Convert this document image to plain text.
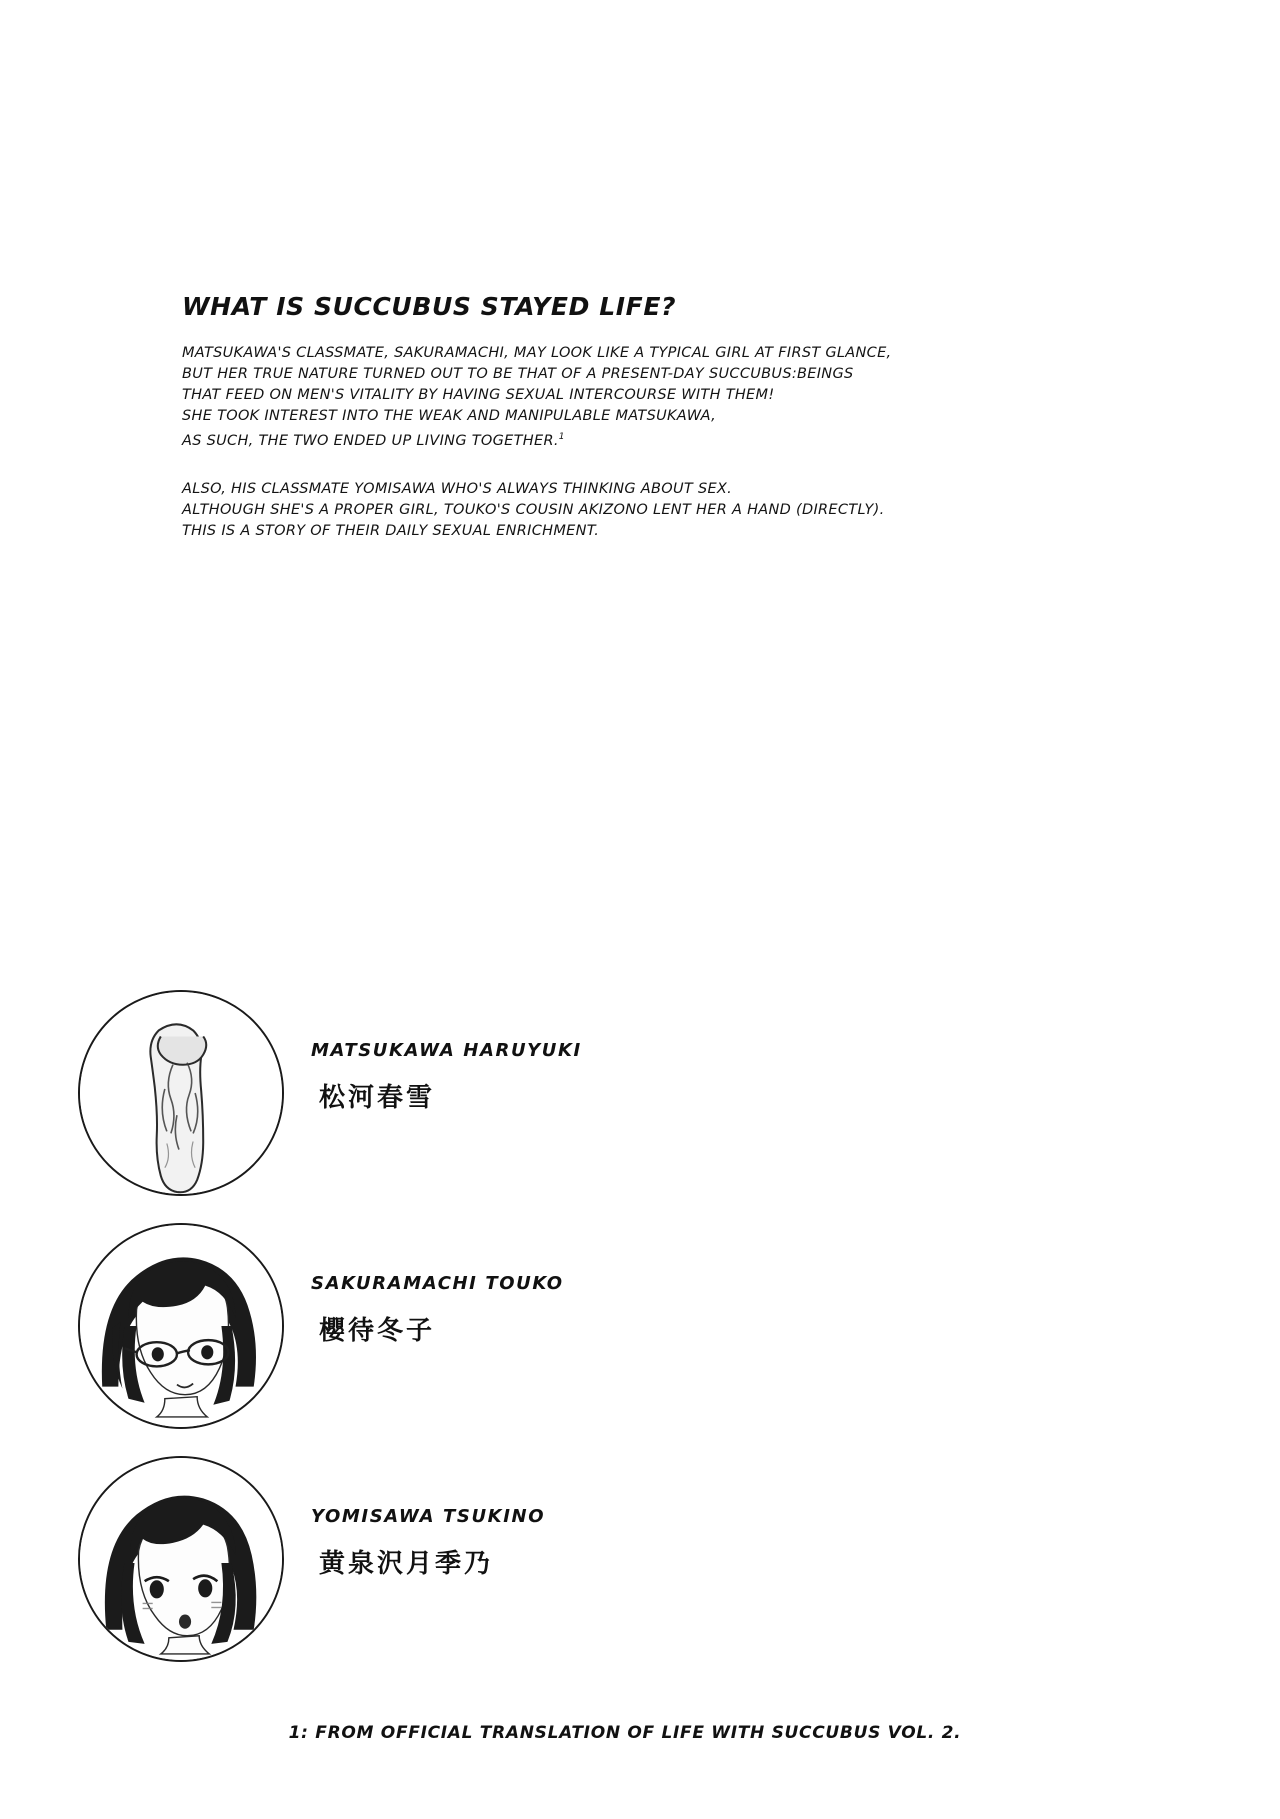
WHAT IS SUCCUBUS STAYED LIFE?

MATSUKAWA'S CLASSMATE, SAKURAMACHI, MAY LOOK LIKE A TYPICAL GIRL AT FIRST GLANCE,
BUT HER TRUE NATURE TURNED OUT TO BE THAT OF A PRESENT-DAY SUCCUBUS:BEINGS
THAT FEED ON MEN'S VITALITY BY HAVING SEXUAL INTERCOURSE WITH THEM!
SHE TOOK INTEREST INTO THE WEAK AND MANIPULABLE MATSUKAWA,
AS SUCH, THE TWO ENDED UP LIVING TOGETHER.$^1$

ALSO, HIS CLASSMATE YOMISAWA WHO'S ALWAYS THINKING ABOUT SEX.
ALTHOUGH SHE'S A PROPER GIRL, TOUKO'S COUSIN AKIZONO LENT HER A HAND (DIRECTLY).
THIS IS A STORY OF THEIR DAILY SEXUAL ENRICHMENT.

MATSUKAWA HARUYUKI
松河春雪
SAKURAMACHI TOUKO
櫻待冬子
YOMISAWA TSUKINO
黄泉沢月季乃
1: FROM OFFICIAL TRANSLATION OF LIFE WITH SUCCUBUS VOL. 2.
